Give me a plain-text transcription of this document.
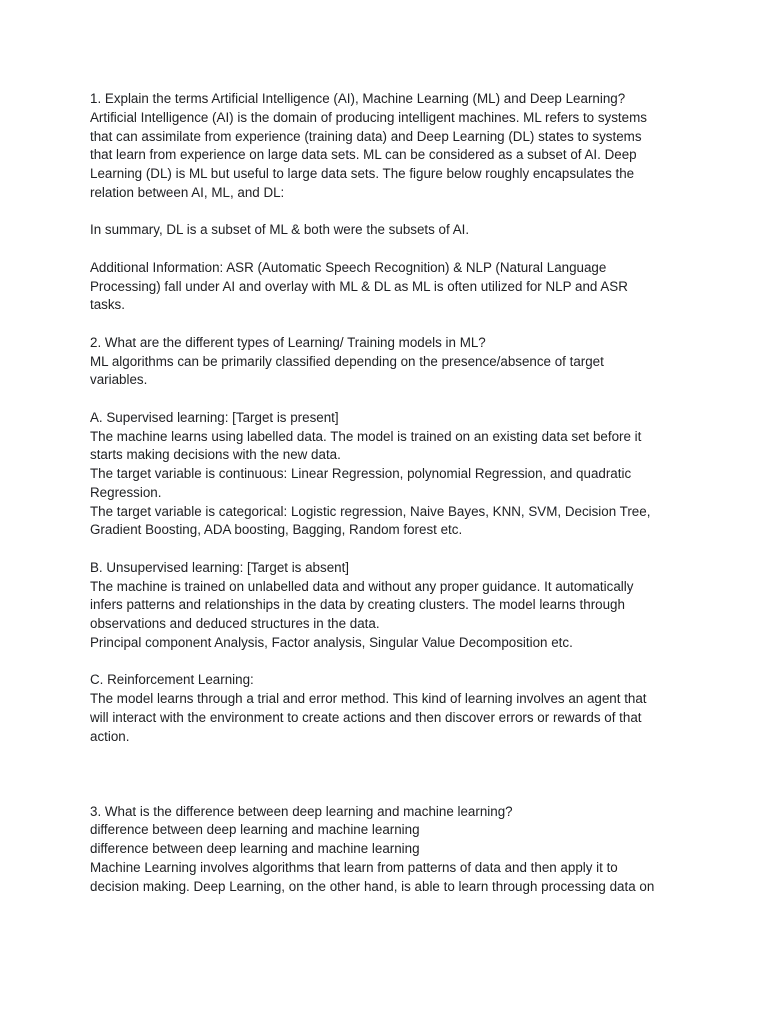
1. Explain the terms Artificial Intelligence (AI), Machine Learning (ML) and Deep Learning?
Artificial Intelligence (AI) is the domain of producing intelligent machines. ML refers to systems
that can assimilate from experience (training data) and Deep Learning (DL) states to systems
that learn from experience on large data sets. ML can be considered as a subset of AI. Deep
Learning (DL) is ML but useful to large data sets. The figure below roughly encapsulates the
relation between AI, ML, and DL:
In summary, DL is a subset of ML & both were the subsets of AI.
Additional Information: ASR (Automatic Speech Recognition) & NLP (Natural Language
Processing) fall under AI and overlay with ML & DL as ML is often utilized for NLP and ASR
tasks.
2. What are the different types of Learning/ Training models in ML?
ML algorithms can be primarily classified depending on the presence/absence of target
variables.
A. Supervised learning: [Target is present]
The machine learns using labelled data. The model is trained on an existing data set before it
starts making decisions with the new data.
The target variable is continuous: Linear Regression, polynomial Regression, and quadratic
Regression.
The target variable is categorical: Logistic regression, Naive Bayes, KNN, SVM, Decision Tree,
Gradient Boosting, ADA boosting, Bagging, Random forest etc.
B. Unsupervised learning: [Target is absent]
The machine is trained on unlabelled data and without any proper guidance. It automatically
infers patterns and relationships in the data by creating clusters. The model learns through
observations and deduced structures in the data.
Principal component Analysis, Factor analysis, Singular Value Decomposition etc.
C. Reinforcement Learning:
The model learns through a trial and error method. This kind of learning involves an agent that
will interact with the environment to create actions and then discover errors or rewards of that
action.
3. What is the difference between deep learning and machine learning?
difference between deep learning and machine learning
difference between deep learning and machine learning
Machine Learning involves algorithms that learn from patterns of data and then apply it to
decision making. Deep Learning, on the other hand, is able to learn through processing data on
